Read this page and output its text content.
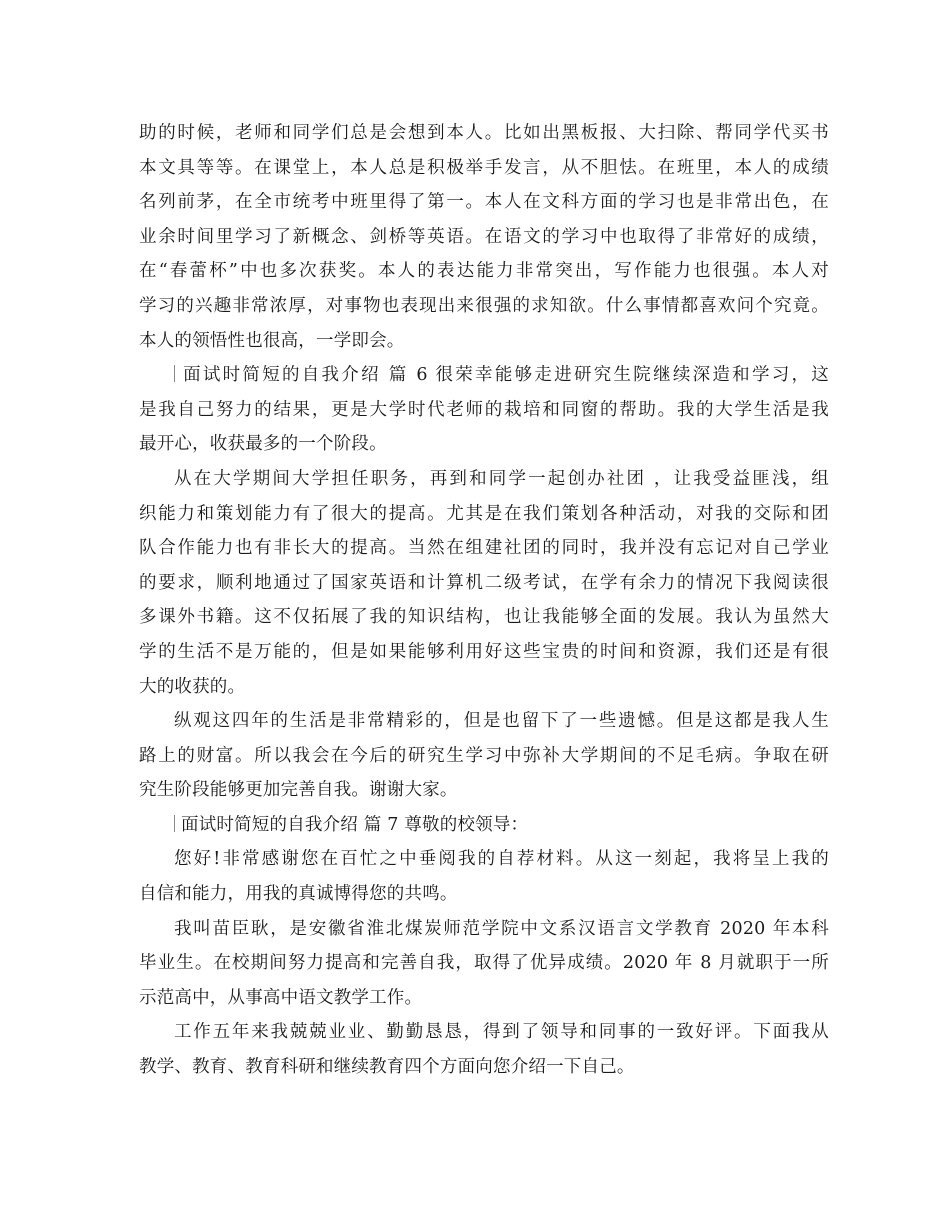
助的时候，老师和同学们总是会想到本人。比如出黑板报、大扫除、帮同学代买书
本文具等等。在课堂上，本人总是积极举手发言，从不胆怯。在班里，本人的成绩
名列前茅，在全市统考中班里得了第一。本人在文科方面的学习也是非常出色，在
业余时间里学习了新概念、剑桥等英语。在语文的学习中也取得了非常好的成绩，
在“春蕾杯”中也多次获奖。本人的表达能力非常突出，写作能力也很强。本人对
学习的兴趣非常浓厚，对事物也表现出来很强的求知欲。什么事情都喜欢问个究竟。
本人的领悟性也很高，一学即会。
面试时简短的自我介绍 篇 6 很荣幸能够走进研究生院继续深造和学习，这
是我自己努力的结果，更是大学时代老师的栽培和同窗的帮助。我的大学生活是我
最开心，收获最多的一个阶段。
从在大学期间大学担任职务，再到和同学一起创办社团 ，让我受益匪浅，组
织能力和策划能力有了很大的提高。尤其是在我们策划各种活动，对我的交际和团
队合作能力也有非长大的提高。当然在组建社团的同时，我并没有忘记对自己学业
的要求，顺利地通过了国家英语和计算机二级考试，在学有余力的情况下我阅读很
多课外书籍。这不仅拓展了我的知识结构，也让我能够全面的发展。我认为虽然大
学的生活不是万能的，但是如果能够利用好这些宝贵的时间和资源，我们还是有很
大的收获的。
纵观这四年的生活是非常精彩的，但是也留下了一些遗憾。但是这都是我人生
路上的财富。所以我会在今后的研究生学习中弥补大学期间的不足毛病。争取在研
究生阶段能够更加完善自我。谢谢大家。
面试时简短的自我介绍 篇 7 尊敬的校领导：
您好!非常感谢您在百忙之中垂阅我的自荐材料。从这一刻起，我将呈上我的
自信和能力，用我的真诚博得您的共鸣。
我叫苗臣耿，是安徽省淮北煤炭师范学院中文系汉语言文学教育 2020 年本科
毕业生。在校期间努力提高和完善自我，取得了优异成绩。2020 年 8 月就职于一所
示范高中，从事高中语文教学工作。
工作五年来我兢兢业业、勤勤恳恳，得到了领导和同事的一致好评。下面我从
教学、教育、教育科研和继续教育四个方面向您介绍一下自己。
